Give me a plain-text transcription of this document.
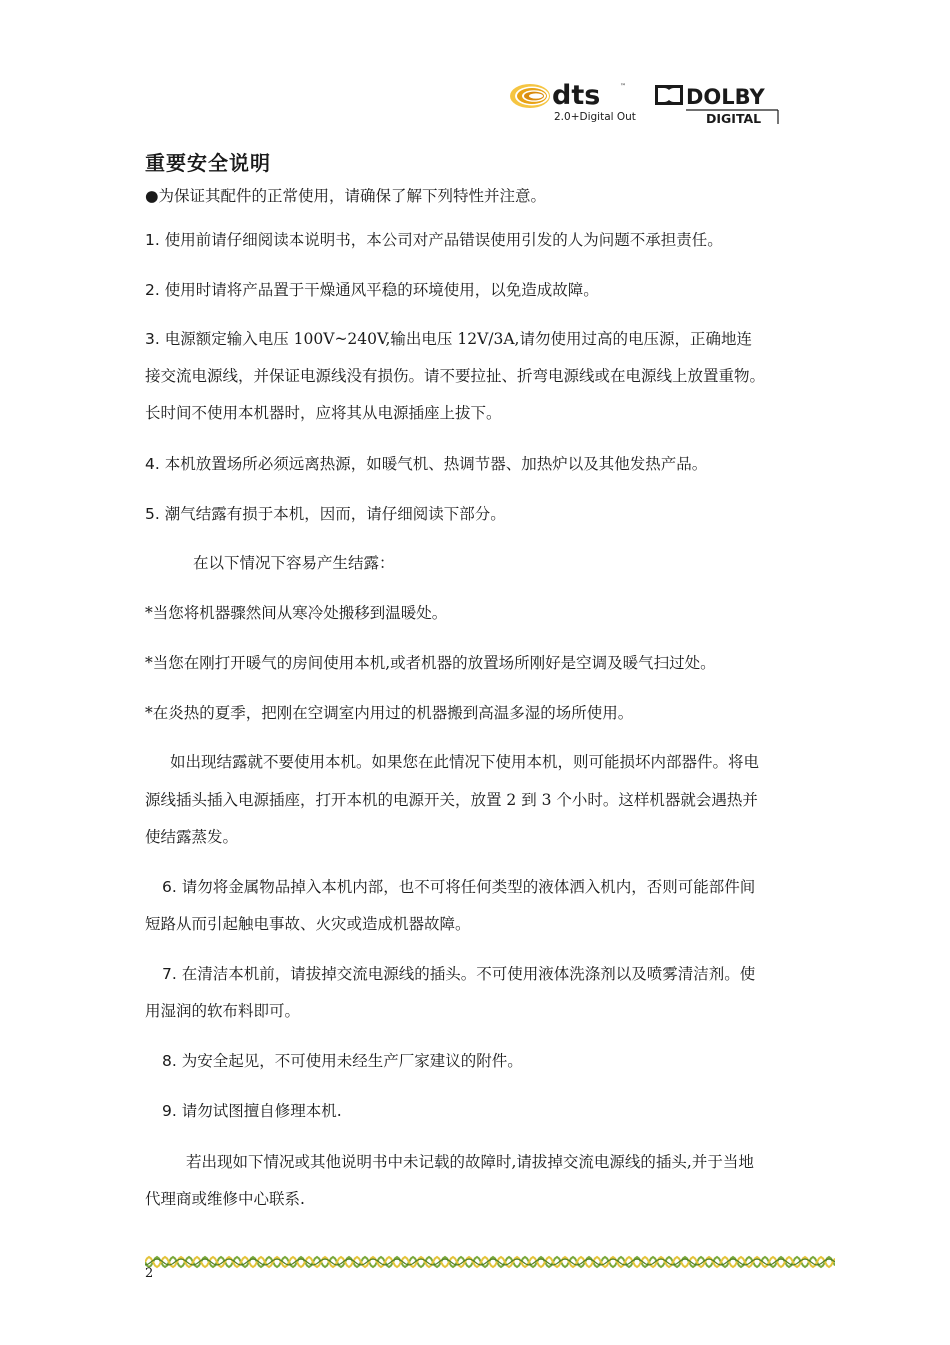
dts	™
2.0+Digital Out
DOLBY
DIGITAL
重要安全说明

●为保证其配件的正常使用，请确保了解下列特性并注意。

1. 使用前请仔细阅读本说明书，本公司对产品错误使用引发的人为问题不承担责任。

2. 使用时请将产品置于干燥通风平稳的环境使用，以免造成故障。

3. 电源额定输入电压 100V~240V,输出电压 12V/3A,请勿使用过高的电压源，正确地连

接交流电源线，并保证电源线没有损伤。请不要拉扯、折弯电源线或在电源线上放置重物。

长时间不使用本机器时，应将其从电源插座上拔下。

4. 本机放置场所必须远离热源，如暖气机、热调节器、加热炉以及其他发热产品。

5. 潮气结露有损于本机，因而，请仔细阅读下部分。

在以下情况下容易产生结露：

*当您将机器骤然间从寒冷处搬移到温暖处。

*当您在刚打开暖气的房间使用本机,或者机器的放置场所刚好是空调及暖气扫过处。

*在炎热的夏季，把刚在空调室内用过的机器搬到高温多湿的场所使用。

如出现结露就不要使用本机。如果您在此情况下使用本机，则可能损坏内部器件。将电

源线插头插入电源插座，打开本机的电源开关，放置 2 到 3 个小时。这样机器就会遇热并

使结露蒸发。

6. 请勿将金属物品掉入本机内部，也不可将任何类型的液体洒入机内，否则可能部件间

短路从而引起触电事故、火灾或造成机器故障。

7. 在清洁本机前，请拔掉交流电源线的插头。不可使用液体洗涤剂以及喷雾清洁剂。使

用湿润的软布料即可。

8. 为安全起见，不可使用未经生产厂家建议的附件。

9. 请勿试图擅自修理本机.

若出现如下情况或其他说明书中未记载的故障时,请拔掉交流电源线的插头,并于当地

代理商或维修中心联系.

2
